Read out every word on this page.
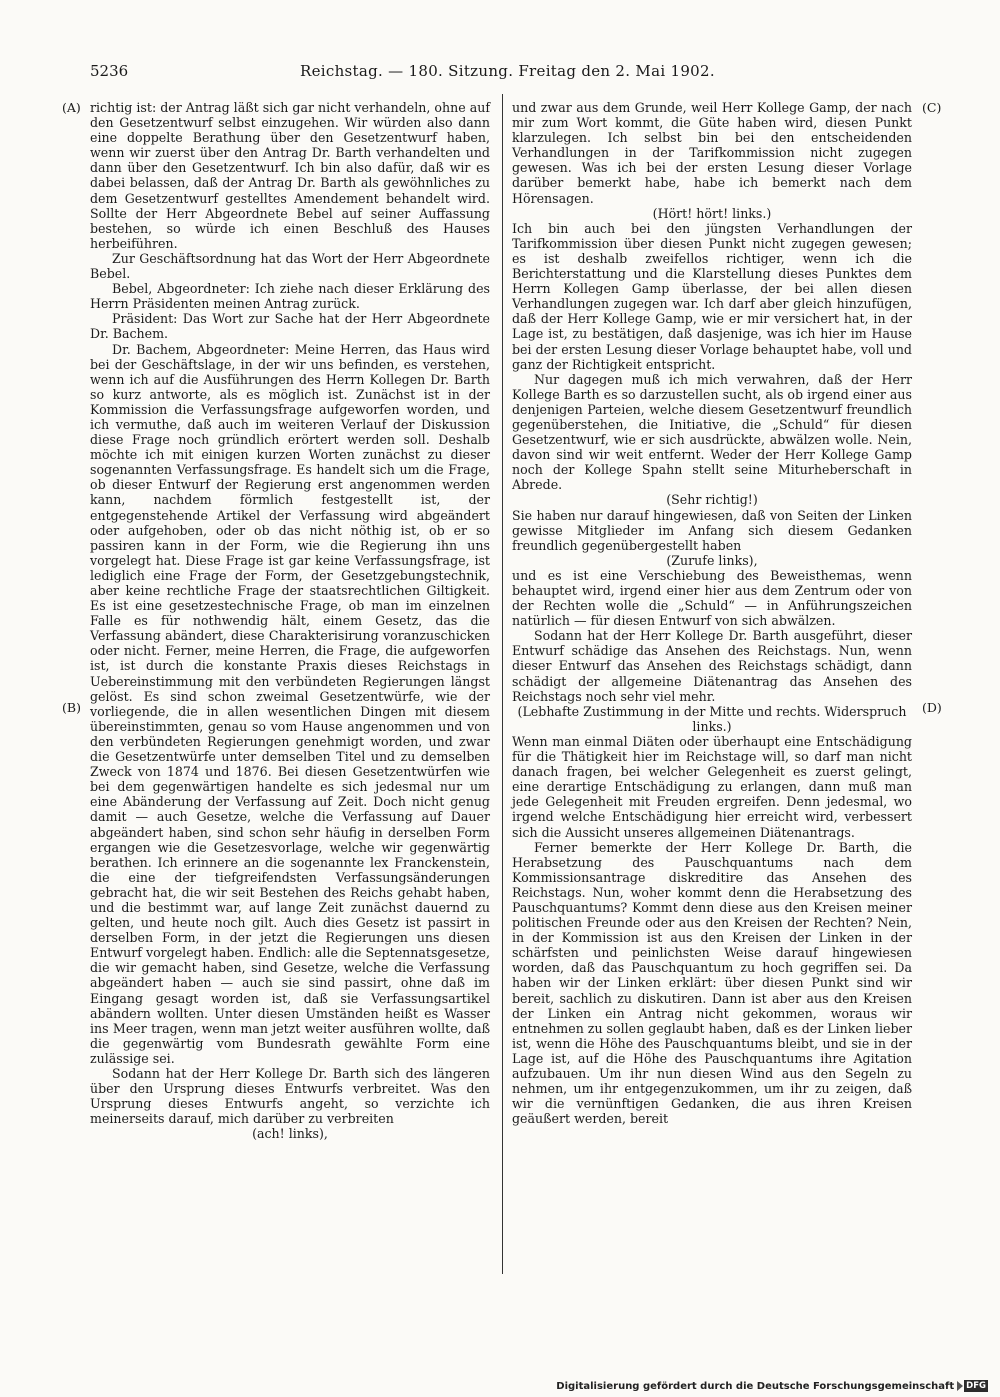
5236	Reichstag. — 180. Sitzung. Freitag den 2. Mai 1902.
(A)
(B)
(C)
(D)

richtig ist: der Antrag läßt sich gar nicht verhandeln, ohne auf den Gesetzentwurf selbst einzugehen. Wir würden also dann eine doppelte Berathung über den Gesetzentwurf haben, wenn wir zuerst über den Antrag Dr. Barth verhandelten und dann über den Gesetzentwurf. Ich bin also dafür, daß wir es dabei belassen, daß der Antrag Dr. Barth als gewöhnliches zu dem Gesetzentwurf gestelltes Amendement behandelt wird. Sollte der Herr Abgeordnete Bebel auf seiner Auffassung bestehen, so würde ich einen Beschluß des Hauses herbeiführen.

Zur Geschäftsordnung hat das Wort der Herr Abgeordnete Bebel.

Bebel, Abgeordneter: Ich ziehe nach dieser Erklärung des Herrn Präsidenten meinen Antrag zurück.

Präsident: Das Wort zur Sache hat der Herr Abgeordnete Dr. Bachem.

Dr. Bachem, Abgeordneter: Meine Herren, das Haus wird bei der Geschäftslage, in der wir uns befinden, es verstehen, wenn ich auf die Ausführungen des Herrn Kollegen Dr. Barth so kurz antworte, als es möglich ist. Zunächst ist in der Kommission die Verfassungsfrage aufgeworfen worden, und ich vermuthe, daß auch im weiteren Verlauf der Diskussion diese Frage noch gründlich erörtert werden soll. Deshalb möchte ich mit einigen kurzen Worten zunächst zu dieser sogenannten Verfassungsfrage. Es handelt sich um die Frage, ob dieser Entwurf der Regierung erst angenommen werden kann, nachdem förmlich festgestellt ist, der entgegenstehende Artikel der Verfassung wird abgeändert oder aufgehoben, oder ob das nicht nöthig ist, ob er so passiren kann in der Form, wie die Regierung ihn uns vorgelegt hat. Diese Frage ist gar keine Verfassungsfrage, ist lediglich eine Frage der Form, der Gesetzgebungstechnik, aber keine rechtliche Frage der staatsrechtlichen Giltigkeit. Es ist eine gesetzestechnische Frage, ob man im einzelnen Falle es für nothwendig hält, einem Gesetz, das die Verfassung abändert, diese Charakterisirung voranzuschicken oder nicht. Ferner, meine Herren, die Frage, die aufgeworfen ist, ist durch die konstante Praxis dieses Reichstags in Uebereinstimmung mit den verbündeten Regierungen längst gelöst. Es sind schon zweimal Gesetzentwürfe, wie der vorliegende, die in allen wesentlichen Dingen mit diesem übereinstimmten, genau so vom Hause angenommen und von den verbündeten Regierungen genehmigt worden, und zwar die Gesetzentwürfe unter demselben Titel und zu demselben Zweck von 1874 und 1876. Bei diesen Gesetzentwürfen wie bei dem gegenwärtigen handelte es sich jedesmal nur um eine Abänderung der Verfassung auf Zeit. Doch nicht genug damit — auch Gesetze, welche die Verfassung auf Dauer abgeändert haben, sind schon sehr häufig in derselben Form ergangen wie die Gesetzesvorlage, welche wir gegenwärtig berathen. Ich erinnere an die sogenannte lex Franckenstein, die eine der tiefgreifendsten Verfassungsänderungen gebracht hat, die wir seit Bestehen des Reichs gehabt haben, und die bestimmt war, auf lange Zeit zunächst dauernd zu gelten, und heute noch gilt. Auch dies Gesetz ist passirt in derselben Form, in der jetzt die Regierungen uns diesen Entwurf vorgelegt haben. Endlich: alle die Septennatsgesetze, die wir gemacht haben, sind Gesetze, welche die Verfassung abgeändert haben — auch sie sind passirt, ohne daß im Eingang gesagt worden ist, daß sie Verfassungsartikel abändern wollten. Unter diesen Umständen heißt es Wasser ins Meer tragen, wenn man jetzt weiter ausführen wollte, daß die gegenwärtig vom Bundesrath gewählte Form eine zulässige sei.

Sodann hat der Herr Kollege Dr. Barth sich des längeren über den Ursprung dieses Entwurfs verbreitet. Was den Ursprung dieses Entwurfs angeht, so verzichte ich meinerseits darauf, mich darüber zu verbreiten

(ach! links),

und zwar aus dem Grunde, weil Herr Kollege Gamp, der nach mir zum Wort kommt, die Güte haben wird, diesen Punkt klarzulegen. Ich selbst bin bei den entscheidenden Verhandlungen in der Tarifkommission nicht zugegen gewesen. Was ich bei der ersten Lesung dieser Vorlage darüber bemerkt habe, habe ich bemerkt nach dem Hörensagen.

(Hört! hört! links.)

Ich bin auch bei den jüngsten Verhandlungen der Tarifkommission über diesen Punkt nicht zugegen gewesen; es ist deshalb zweifellos richtiger, wenn ich die Berichterstattung und die Klarstellung dieses Punktes dem Herrn Kollegen Gamp überlasse, der bei allen diesen Verhandlungen zugegen war. Ich darf aber gleich hinzufügen, daß der Herr Kollege Gamp, wie er mir versichert hat, in der Lage ist, zu bestätigen, daß dasjenige, was ich hier im Hause bei der ersten Lesung dieser Vorlage behauptet habe, voll und ganz der Richtigkeit entspricht.

Nur dagegen muß ich mich verwahren, daß der Herr Kollege Barth es so darzustellen sucht, als ob irgend einer aus denjenigen Parteien, welche diesem Gesetzentwurf freundlich gegenüberstehen, die Initiative, die „Schuld“ für diesen Gesetzentwurf, wie er sich ausdrückte, abwälzen wolle. Nein, davon sind wir weit entfernt. Weder der Herr Kollege Gamp noch der Kollege Spahn stellt seine Miturheberschaft in Abrede.

(Sehr richtig!)

Sie haben nur darauf hingewiesen, daß von Seiten der Linken gewisse Mitglieder im Anfang sich diesem Gedanken freundlich gegenübergestellt haben

(Zurufe links),

und es ist eine Verschiebung des Beweisthemas, wenn behauptet wird, irgend einer hier aus dem Zentrum oder von der Rechten wolle die „Schuld“ — in Anführungszeichen natürlich — für diesen Entwurf von sich abwälzen.

Sodann hat der Herr Kollege Dr. Barth ausgeführt, dieser Entwurf schädige das Ansehen des Reichstags. Nun, wenn dieser Entwurf das Ansehen des Reichstags schädigt, dann schädigt der allgemeine Diätenantrag das Ansehen des Reichstags noch sehr viel mehr.

(Lebhafte Zustimmung in der Mitte und rechts. Widerspruch links.)

Wenn man einmal Diäten oder überhaupt eine Entschädigung für die Thätigkeit hier im Reichstage will, so darf man nicht danach fragen, bei welcher Gelegenheit es zuerst gelingt, eine derartige Entschädigung zu erlangen, dann muß man jede Gelegenheit mit Freuden ergreifen. Denn jedesmal, wo irgend welche Entschädigung hier erreicht wird, verbessert sich die Aussicht unseres allgemeinen Diätenantrags.

Ferner bemerkte der Herr Kollege Dr. Barth, die Herabsetzung des Pauschquantums nach dem Kommissionsantrage diskreditire das Ansehen des Reichstags. Nun, woher kommt denn die Herabsetzung des Pauschquantums? Kommt denn diese aus den Kreisen meiner politischen Freunde oder aus den Kreisen der Rechten? Nein, in der Kommission ist aus den Kreisen der Linken in der schärfsten und peinlichsten Weise darauf hingewiesen worden, daß das Pauschquantum zu hoch gegriffen sei. Da haben wir der Linken erklärt: über diesen Punkt sind wir bereit, sachlich zu diskutiren. Dann ist aber aus den Kreisen der Linken ein Antrag nicht gekommen, woraus wir entnehmen zu sollen geglaubt haben, daß es der Linken lieber ist, wenn die Höhe des Pauschquantums bleibt, und sie in der Lage ist, auf die Höhe des Pauschquantums ihre Agitation aufzubauen. Um ihr nun diesen Wind aus den Segeln zu nehmen, um ihr entgegenzukommen, um ihr zu zeigen, daß wir die vernünftigen Gedanken, die aus ihren Kreisen geäußert werden, bereit

Digitalisierung gefördert durch die Deutsche Forschungsgemeinschaft DFG
